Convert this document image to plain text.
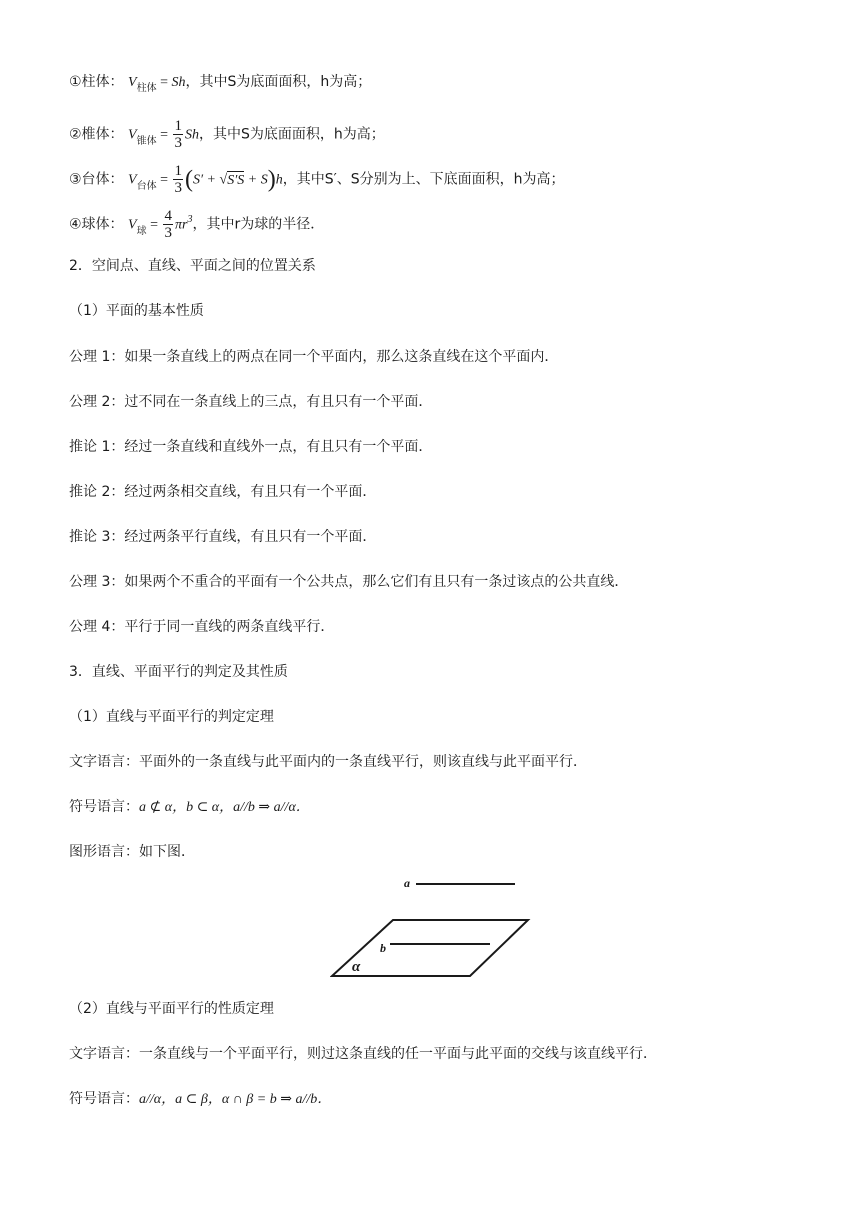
①柱体： $V_{柱体} = Sh$，其中S为底面面积，h为高；
②椎体： $V_{锥体} = \frac{1}{3}$ Sh，其中S为底面面积，h为高；
③台体： $V_{台体} = \frac{1}{3} (S' + √S'S + S)h$，其中S′、S分别为上、下底面面积，h为高；
④球体： $V_球 = \frac{4}{3} \pi r^3$，其中r为球的半径．
2．空间点、直线、平面之间的位置关系
（1）平面的基本性质
公理 1：如果一条直线上的两点在同一个平面内，那么这条直线在这个平面内．
公理 2：过不同在一条直线上的三点，有且只有一个平面．
推论 1：经过一条直线和直线外一点，有且只有一个平面．
推论 2：经过两条相交直线，有且只有一个平面．
推论 3：经过两条平行直线，有且只有一个平面．
公理 3：如果两个不重合的平面有一个公共点，那么它们有且只有一条过该点的公共直线．
公理 4：平行于同一直线的两条直线平行．
3．直线、平面平行的判定及其性质
（1）直线与平面平行的判定定理
文字语言：平面外的一条直线与此平面内的一条直线平行，则该直线与此平面平行．
符号语言：a ⊄ α，b ⊂ α，a//b ⇒ a//α．
图形语言：如下图．
a
b
α
（2）直线与平面平行的性质定理
文字语言：一条直线与一个平面平行，则过这条直线的任一平面与此平面的交线与该直线平行．
符号语言：a//α，a ⊂ β，α ∩ β = b ⇒ a//b．
